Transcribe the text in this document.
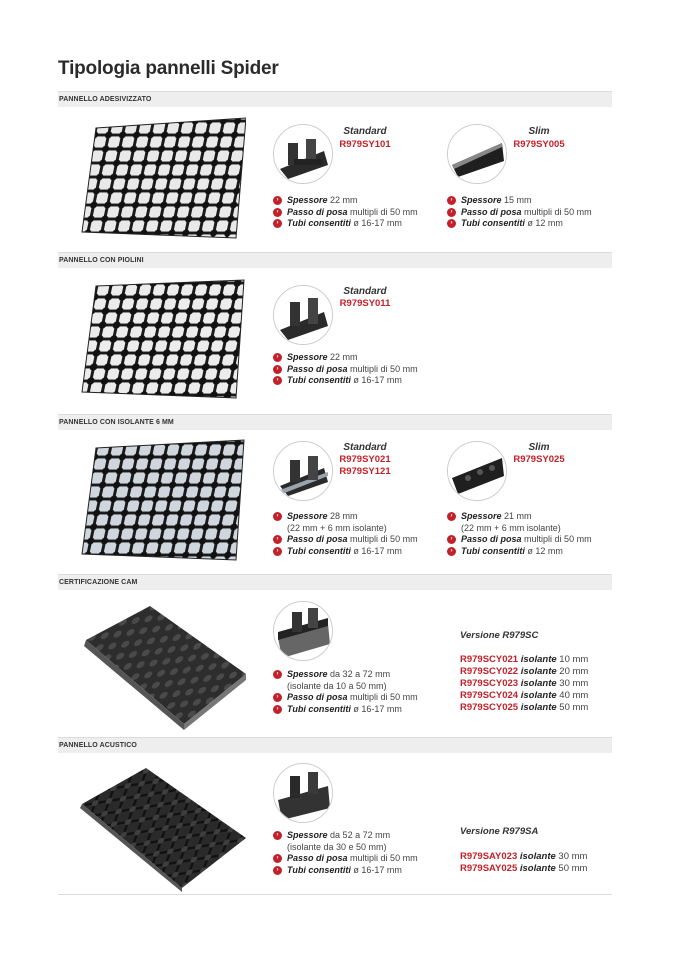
Tipologia pannelli Spider
PANNELLO ADESIVIZZATO
Standard
R979SY101
Slim
R979SY005
› Spessore 22 mm
› Passo di posa multipli di 50 mm
› Tubi consentiti ø 16-17 mm
› Spessore 15 mm
› Passo di posa multipli di 50 mm
› Tubi consentiti ø 12 mm
PANNELLO CON PIOLINI
Standard
R979SY011
› Spessore 22 mm
› Passo di posa multipli di 50 mm
› Tubi consentiti ø 16-17 mm
PANNELLO CON ISOLANTE 6 MM
Standard
R979SY021
R979SY121
Slim
R979SY025
› Spessore 28 mm
(22 mm + 6 mm isolante)
› Passo di posa multipli di 50 mm
› Tubi consentiti ø 16-17 mm
› Spessore 21 mm
(22 mm + 6 mm isolante)
› Passo di posa multipli di 50 mm
› Tubi consentiti ø 12 mm
CERTIFICAZIONE CAM
› Spessore da 32 a 72 mm
(isolante da 10 a 50 mm)
› Passo di posa multipli di 50 mm
› Tubi consentiti ø 16-17 mm
Versione R979SC
R979SCY021 isolante 10 mm
R979SCY022 isolante 20 mm
R979SCY023 isolante 30 mm
R979SCY024 isolante 40 mm
R979SCY025 isolante 50 mm
PANNELLO ACUSTICO
› Spessore da 52 a 72 mm
(isolante da 30 e 50 mm)
› Passo di posa multipli di 50 mm
› Tubi consentiti ø 16-17 mm
Versione R979SA
R979SAY023 isolante 30 mm
R979SAY025 isolante 50 mm
